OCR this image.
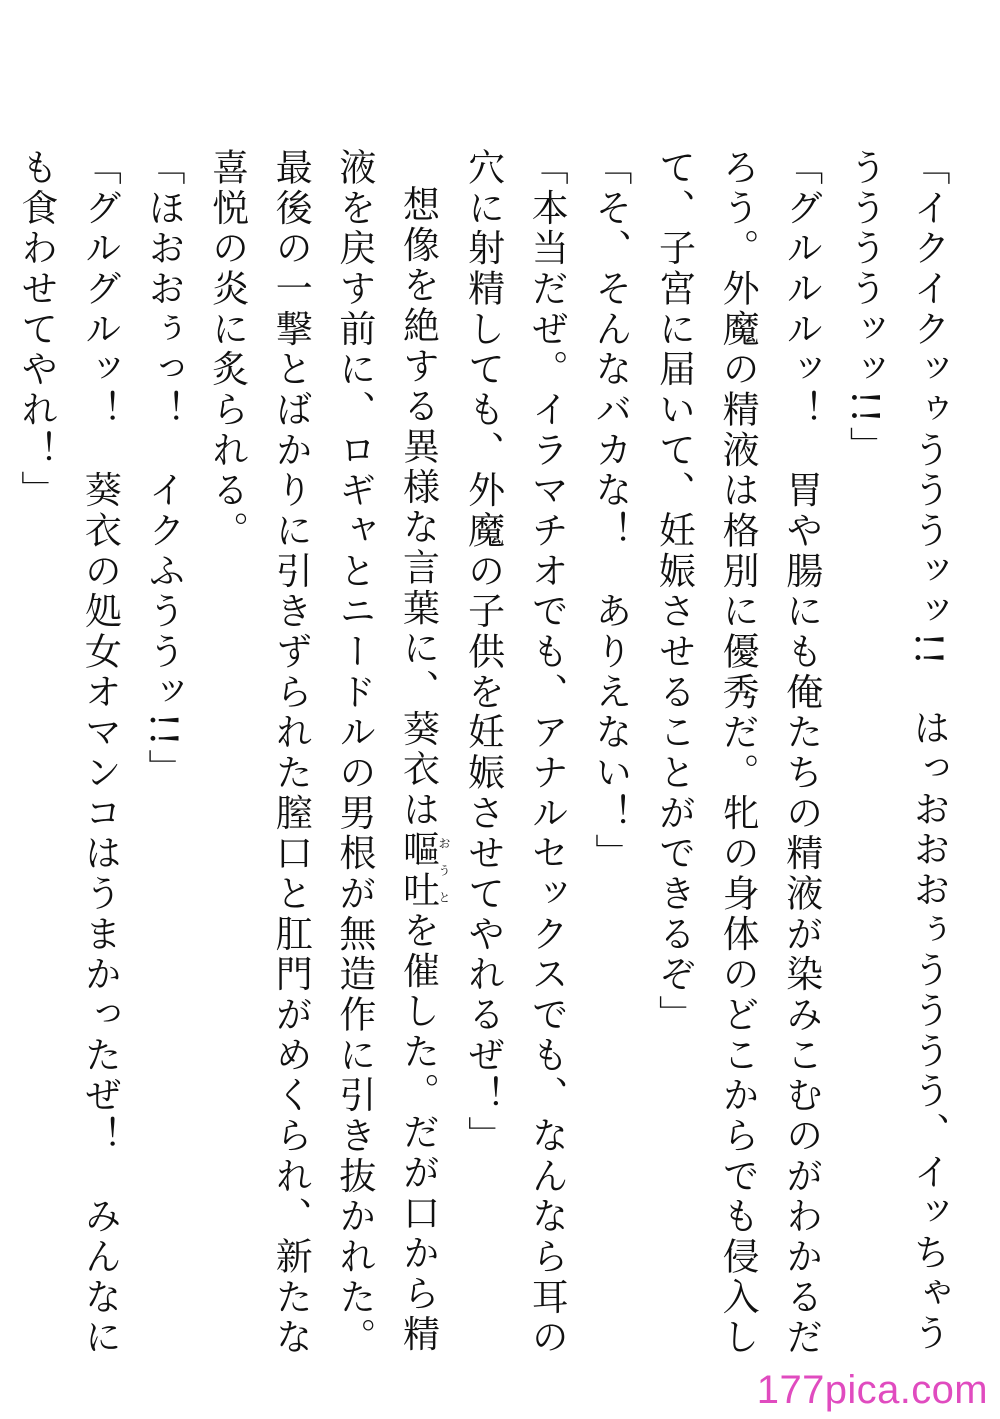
「イクイクッゥうううッッ!!　はっおおおぅうううう、イッちゃうううううッッ!!」

「グルルルッ！　胃や腸にも俺たちの精液が染みこむのがわかるだろう。外魔の精液は格別に優秀だ。牝の身体のどこからでも侵入して、子宮に届いて、妊娠させることができるぞ」

「そ、そんなバカな！　ありえない！」

「本当だぜ。イラマチオでも、アナルセックスでも、なんなら耳の穴に射精しても、外魔の子供を妊娠させてやれるぜ！」

想像を絶する異様な言葉に、葵衣は嘔吐おうとを催した。だが口から精液を戻す前に、ロギャとニードルの男根が無造作に引き抜かれた。最後の一撃とばかりに引きずられた膣口と肛門がめくられ、新たな喜悦の炎に炙られる。

「ほおおぅっ！　イクふううッ!!」

「グルグルッ！　葵衣の処女オマンコはうまかったぜ！　みんなにも食わせてやれ！」

177pica.com
